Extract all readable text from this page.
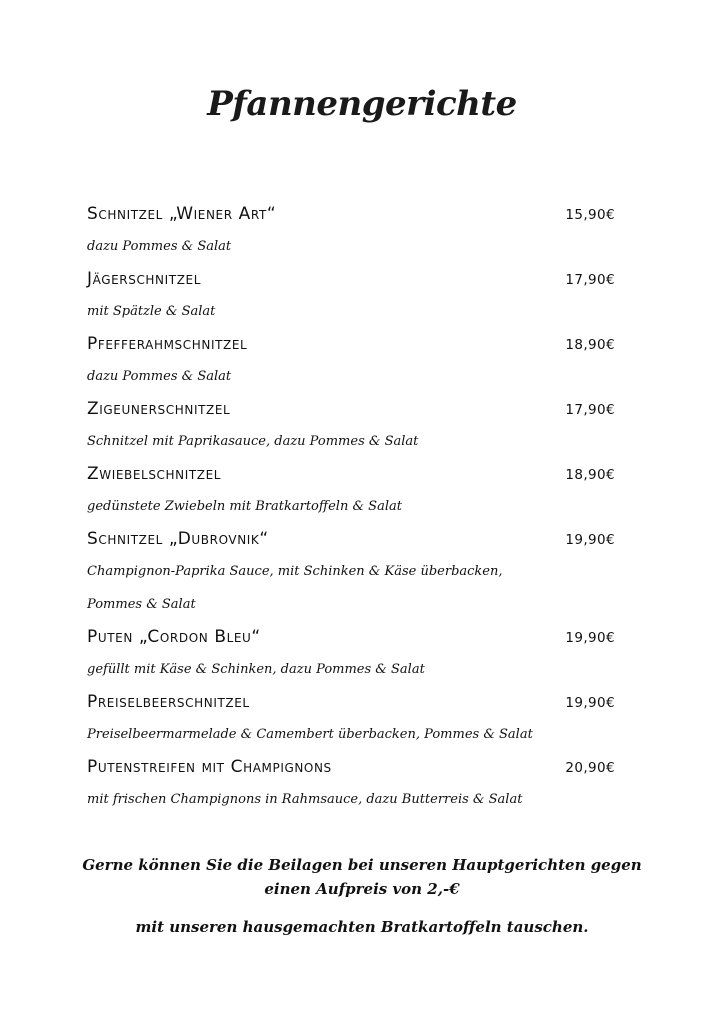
Pfannengerichte
Schnitzel „Wiener Art“	15,90€
dazu Pommes & Salat
Jägerschnitzel	17,90€
mit Spätzle & Salat
Pfefferahmschnitzel	18,90€
dazu Pommes & Salat
Zigeunerschnitzel	17,90€
Schnitzel mit Paprikasauce, dazu Pommes & Salat
Zwiebelschnitzel	18,90€
gedünstete Zwiebeln mit Bratkartoffeln & Salat
Schnitzel „Dubrovnik“	19,90€
Champignon-Paprika Sauce, mit Schinken & Käse überbacken,
Pommes & Salat
Puten „Cordon Bleu“	19,90€
gefüllt mit Käse & Schinken, dazu Pommes & Salat
Preiselbeerschnitzel	19,90€
Preiselbeermarmelade & Camembert überbacken, Pommes & Salat
Putenstreifen mit Champignons	20,90€
mit frischen Champignons in Rahmsauce, dazu Butterreis & Salat
Gerne können Sie die Beilagen bei unseren Hauptgerichten gegen
einen Aufpreis von 2,-€
mit unseren hausgemachten Bratkartoffeln tauschen.
